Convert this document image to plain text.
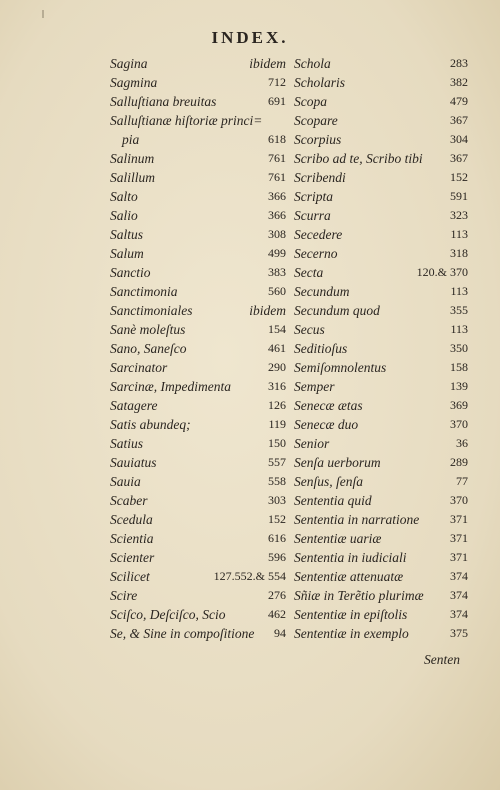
INDEX.
Sagina	ibidem
Sagmina	712
Salluſtiana breuitas	691
Salluſtianæ hiſtoriæ princi=
pia	618
Salinum	761
Salillum	761
Salto	366
Salio	366
Saltus	308
Salum	499
Sanctio	383
Sanctimonia	560
Sanctimoniales	ibidem
Sanè moleſtus	154
Sano, Saneſco	461
Sarcinator	290
Sarcinæ, Impedimenta	316
Satagere	126
Satis abundeq;	119
Satius	150
Sauiatus	557
Sauia	558
Scaber	303
Scedula	152
Scientia	616
Scienter	596
Scilicet	127.552.& 554
Scire	276
Sciſco, Deſciſco, Scio	462
Se, & Sine in compoſitione 94
Schola	283
Scholaris	382
Scopa	479
Scopare	367
Scorpius	304
Scribo ad te, Scribo tibi 367
Scribendi	152
Scripta	591
Scurra	323
Secedere	113
Secerno	318
Secta	120.& 370
Secundum	113
Secundum quod	355
Secus	113
Seditioſus	350
Semiſomnolentus	158
Semper	139
Senecæ ætas	369
Senecæ duo	370
Senior	36
Senſa uerborum	289
Senſus, ſenſa	77
Sententia quid	370
Sententia in narratione	371
Sententiæ uariæ	371
Sententia in iudiciali	371
Sententiæ attenuatæ	374
Sñiæ in Terẽtio plurimæ 374
Sententiæ in epiſtolis	374
Sententiæ in exemplo	375
Senten
